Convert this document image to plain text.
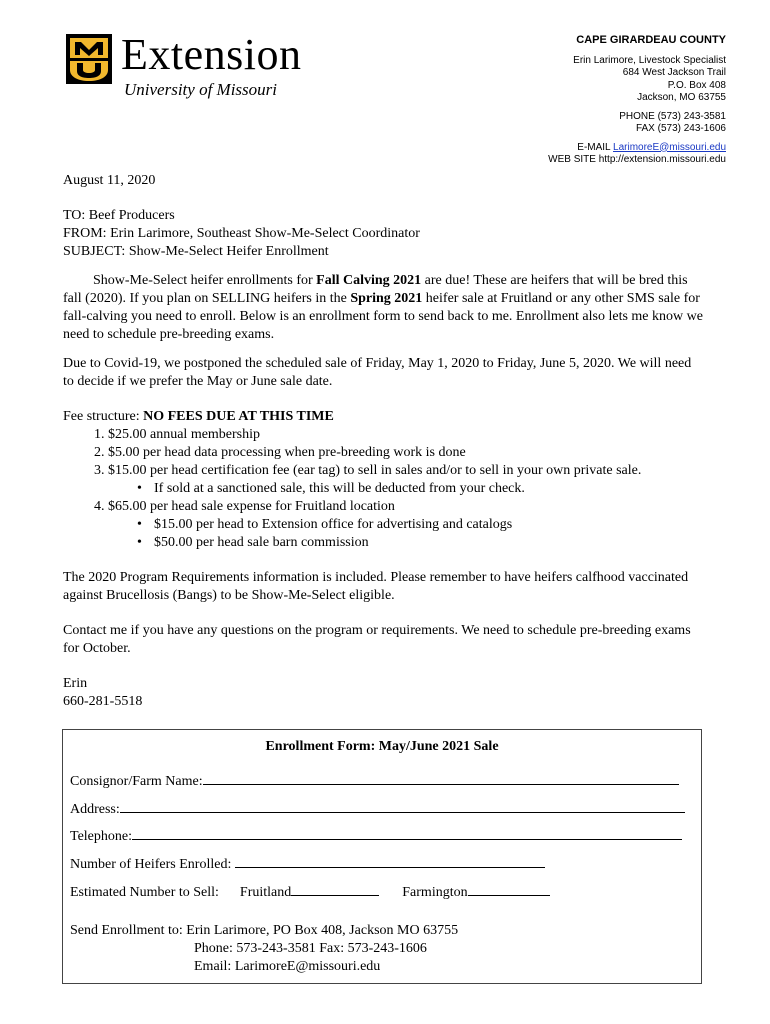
Extension
University of Missouri
CAPE GIRARDEAU COUNTY
Erin Larimore, Livestock Specialist
684 West Jackson Trail
P.O. Box 408
Jackson, MO 63755
PHONE (573) 243-3581
FAX (573) 243-1606
E-MAIL LarimoreE@missouri.edu
WEB SITE http://extension.missouri.edu

August 11, 2020

TO: Beef Producers

FROM: Erin Larimore, Southeast Show-Me-Select Coordinator

SUBJECT: Show-Me-Select Heifer Enrollment

Show-Me-Select heifer enrollments for Fall Calving 2021 are due! These are heifers that will be bred this fall (2020). If you plan on SELLING heifers in the Spring 2021 heifer sale at Fruitland or any other SMS sale for fall-calving you need to enroll. Below is an enrollment form to send back to me. Enrollment also lets me know we need to schedule pre-breeding exams.

Due to Covid-19, we postponed the scheduled sale of Friday, May 1, 2020 to Friday, June 5, 2020. We will need to decide if we prefer the May or June sale date.

Fee structure: NO FEES DUE AT THIS TIME

1. $25.00 annual membership
2. $5.00 per head data processing when pre-breeding work is done
3. $15.00 per head certification fee (ear tag) to sell in sales and/or to sell in your own private sale.
• If sold at a sanctioned sale, this will be deducted from your check.
4. $65.00 per head sale expense for Fruitland location
• $15.00 per head to Extension office for advertising and catalogs
• $50.00 per head sale barn commission

The 2020 Program Requirements information is included. Please remember to have heifers calfhood vaccinated against Brucellosis (Bangs) to be Show-Me-Select eligible.

Contact me if you have any questions on the program or requirements. We need to schedule pre-breeding exams for October.

Erin

660-281-5518

Enrollment Form: May/June 2021 Sale
Consignor/Farm Name:
Address:
Telephone:
Number of Heifers Enrolled:
Estimated Number to Sell: Fruitland	Farmington
Send Enrollment to: Erin Larimore, PO Box 408, Jackson MO 63755
Phone: 573-243-3581 Fax: 573-243-1606
Email: LarimoreE@missouri.edu
